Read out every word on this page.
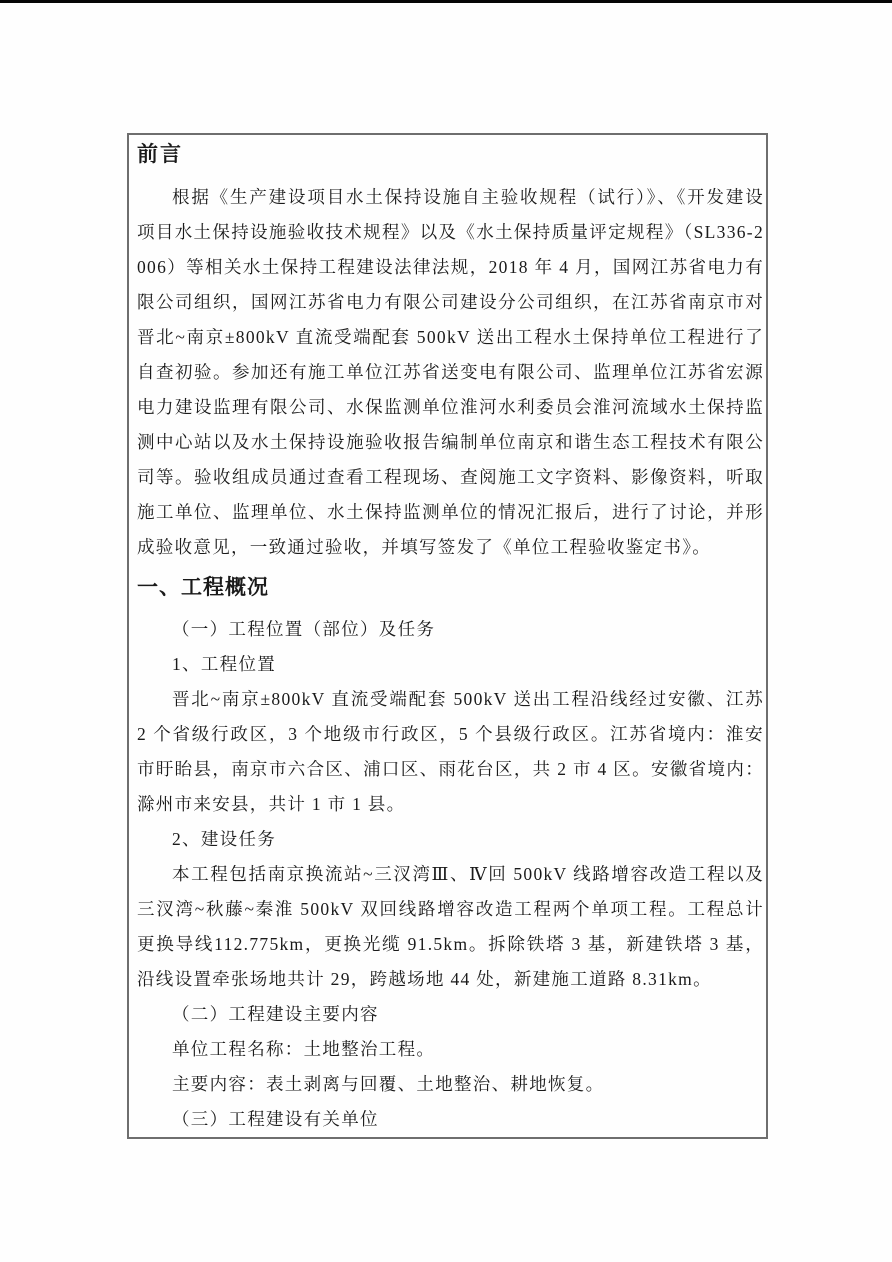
前言

根据《生产建设项目水土保持设施自主验收规程（试行）》、《开发建设项目水土保持设施验收技术规程》以及《水土保持质量评定规程》（SL336-2006）等相关水土保持工程建设法律法规，2018 年 4 月，国网江苏省电力有限公司组织，国网江苏省电力有限公司建设分公司组织，在江苏省南京市对晋北~南京±800kV 直流受端配套 500kV 送出工程水土保持单位工程进行了自查初验。参加还有施工单位江苏省送变电有限公司、监理单位江苏省宏源电力建设监理有限公司、水保监测单位淮河水利委员会淮河流域水土保持监测中心站以及水土保持设施验收报告编制单位南京和谐生态工程技术有限公司等。验收组成员通过查看工程现场、查阅施工文字资料、影像资料，听取施工单位、监理单位、水土保持监测单位的情况汇报后，进行了讨论，并形成验收意见，一致通过验收，并填写签发了《单位工程验收鉴定书》。

一、工程概况

（一）工程位置（部位）及任务

1、工程位置

晋北~南京±800kV 直流受端配套 500kV 送出工程沿线经过安徽、江苏 2 个省级行政区，3 个地级市行政区，5 个县级行政区。江苏省境内：淮安市盱眙县，南京市六合区、浦口区、雨花台区，共 2 市 4 区。安徽省境内：滁州市来安县，共计 1 市 1 县。

2、建设任务

本工程包括南京换流站~三汊湾Ⅲ、Ⅳ回 500kV 线路增容改造工程以及三汊湾~秋藤~秦淮 500kV 双回线路增容改造工程两个单项工程。工程总计更换导线112.775km，更换光缆 91.5km。拆除铁塔 3 基，新建铁塔 3 基，沿线设置牵张场地共计 29，跨越场地 44 处，新建施工道路 8.31km。

（二）工程建设主要内容

单位工程名称：土地整治工程。

主要内容：表土剥离与回覆、土地整治、耕地恢复。

（三）工程建设有关单位
